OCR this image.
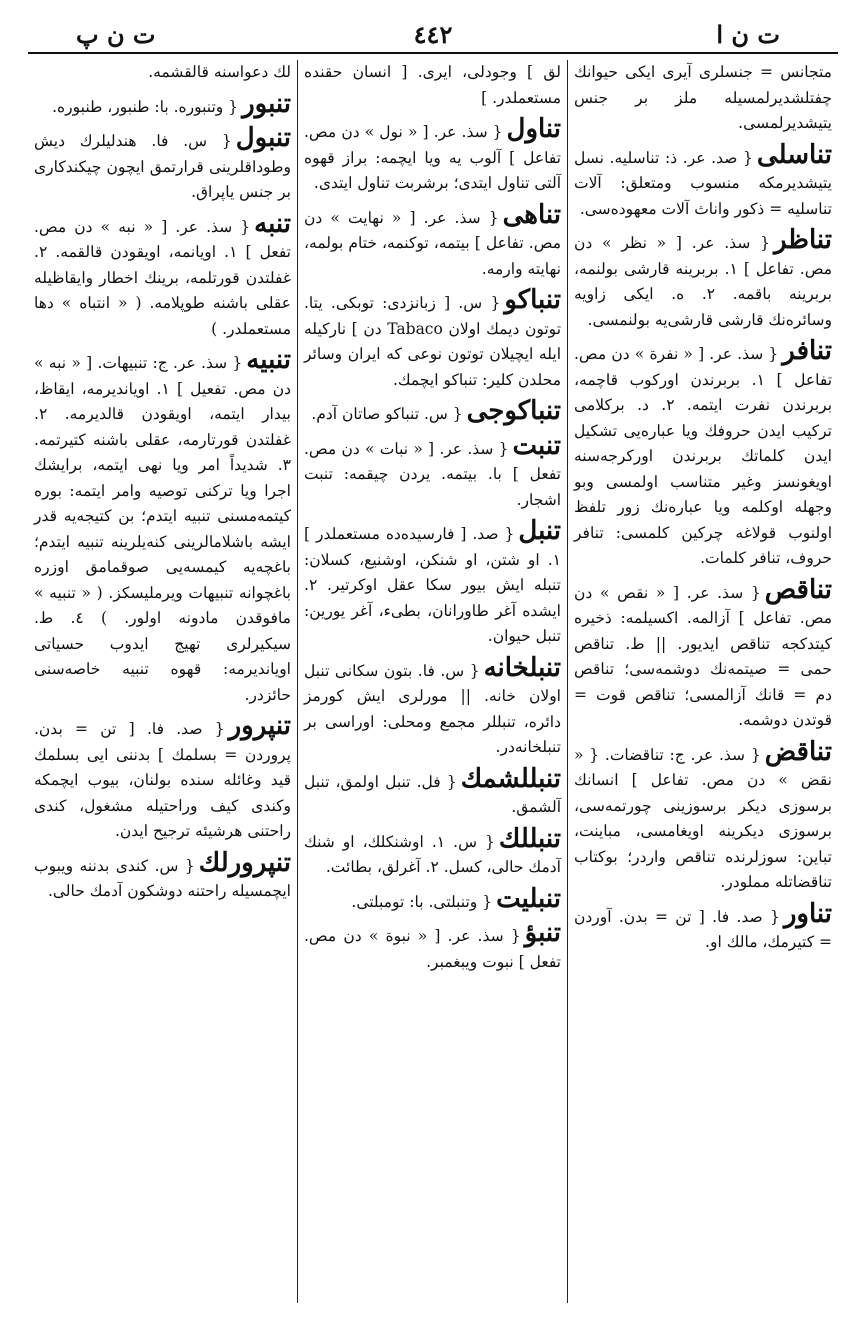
ت ن ا
٤٤٢
ت ن پ

متجانس = جنسلری آیری ایکی حیوانك چفتلشدیرلمسیله ملز بر جنس یتیشدیرلمسی.

تناسلی{ صد. عر. ذ: تناسلیه. نسل یتیشدیرمکه منسوب ومتعلق: آلات تناسلیه = ذکور واناث آلات معهوده‌سی.

تناظر{ سذ. عر. [ « نظر » دن مص. تفاعل ] ۱. بربرینه قارشی بولنمه، بربرینه باقمه. ۲. ه. ایکی زاویه وسائره‌نك قارشی قارشی‌یه بولنمسی.

تنافر{ سذ. عر. [ « نفرة » دن مص. تفاعل ] ۱. بربرندن اوركوب قاچمه، بربرندن نفرت ایتمه. ۲. د. بركلامی تركیب ایدن حروفك ویا عباره‌یی تشكیل ایدن كلماتك بربرندن اوركرجه‌سنه اویغونسز وغیر متناسب اولمسی وبو وجهله اوكلمه ویا عباره‌نك زور تلفظ اولنوب قولاغه چركین كلمسی: تنافر حروف، تنافر كلمات.

تناقص{ سذ. عر. [ « نقص » دن مص. تفاعل ] آزالمه. اكسیلمه: ذخیره كیتدكجه تناقص ایدیور. || ط. تناقص حمی = صیتمه‌نك دوشمه‌سی؛ تناقص دم = قانك آزالمسی؛ تناقص قوت = قوتدن دوشمه.

تناقض{ سذ. عر. ج: تناقضات. { « نقض » دن مص. تفاعل ] انسانك برسوزی دیكر برسوزینی چورتمه‌سی، برسوزی دیكرینه اویغامسی، مباینت، تباین: سوزلرنده تناقص واردر؛ بوكتاب تناقضاتله مملودر.

تناور{ صد. فا. [ تن = بدن. آوردن = كتیرمك، مالك او.

لق ] وجودلی، ایری. [ انسان حقنده مستعملدر. ]

تناول{ سذ. عر. [ « نول » دن مص. تفاعل ] آلوب یه ویا ایچمه: براز قهوه آلتی تناول ایتدی؛ برشربت تناول ایتدی.

تناهی{ سذ. عر. [ « نهایت » دن مص. تفاعل ] بیتمه، توكنمه، ختام بولمه، نهایته وارمه.

تنباكو{ س. [ زبانزدی: توبكی. یتا. توتون دیمك اولان Tabaco دن ] ناركیله ایله ایچیلان توتون نوعی كه ایران وسائر محلدن كلیر: تنباكو ایچمك.

تنباكوجی{ س. تنباكو صاتان آدم.

تنبت{ سذ. عر. [ « نبات » دن مص. تفعل ] با. بیتمه. یردن چیقمه: تنبت اشجار.

تنبل{ صد. [ فارسیده‌ده مستعملدر ] ۱. او شتن، او شنكن، اوشنیع، كسلان: تنبله ایش بیور سكا عقل اوكرتیر. ۲. ایشده آغر طاورانان، بطیء، آغر یورین: تنبل حیوان.

تنبلخانه{ س. فا. بتون سكانی تنبل اولان خانه. || مورلری ایش كورمز دائره، تنبللر مجمع ومحلی: اوراسی بر تنبلخانه‌در.

تنبللشمك{ فل. تنبل اولمق، تنبل آلشمق.

تنبللك{ س. ۱. اوشنكلك، او شنك آدمك حالی، كسل. ۲. آغرلق، بطائت.

تنبلیت{ وتنبلتی. با: تومبلتی.

تنبؤ{ سذ. عر. [ « نبوة » دن مص. تفعل ] نبوت ویبغمبر.

لك دعواسنه قالقشمه.

تنبور{ وتنبوره. با: طنبور، طنبوره.

تنبول{ س. فا. هندلیلرك دیش وطوداقلرینی قرارتمق ایچون چیكندكاری بر جنس یاپراق.

تنبه{ سذ. عر. [ « نبه » دن مص. تفعل ] ۱. اویانمه، اویقودن قالقمه. ۲. غفلتدن قورتلمه، برینك اخطار وایقاظیله عقلی باشنه طوپلامه. ( « انتباه » دها مستعملدر. )

تنبیه{ سذ. عر. ج: تنبیهات. [ « نبه » دن مص. تفعیل ] ۱. اویاندیرمه، ایقاظ، بیدار ایتمه، اویقودن قالدیرمه. ۲. غفلتدن قورتارمه، عقلی باشنه كتیرتمه. ۳. شدیداً امر ویا نهی ایتمه، برایشك اجرا ویا تركنی توصیه وامر ایتمه: بوره كیتمه‌مسنی تنبیه ایتدم؛ بن كتیجه‌یه قدر ایشه باشلامالرینی كنه‌یلرینه تنبیه ایتدم؛ باغچه‌یه كیمسه‌یی صوقمامق اوزره باغچوانه تنبیهات ویرملیسكز. ( « تنبیه » مافوقدن مادونه اولور. ) ٤. ط. سیكیرلری تهیج ایدوب حسیاتی اویاندیرمه: قهوه تنبیه خاصه‌سنی حائزدر.

تنپرور{ صد. فا. [ تن = بدن. پروردن = بسلمك ] بدننی ایی بسلمك قید وغائله سنده بولنان، بیوب ایچمكه وكندی كیف وراحتیله مشغول، كندی راحتنی هرشیئه ترجیح ایدن.

تنپرورلك{ س. كندی بدننه ویبوب ایچمسیله راحتنه دوشكون آدمك حالی.
